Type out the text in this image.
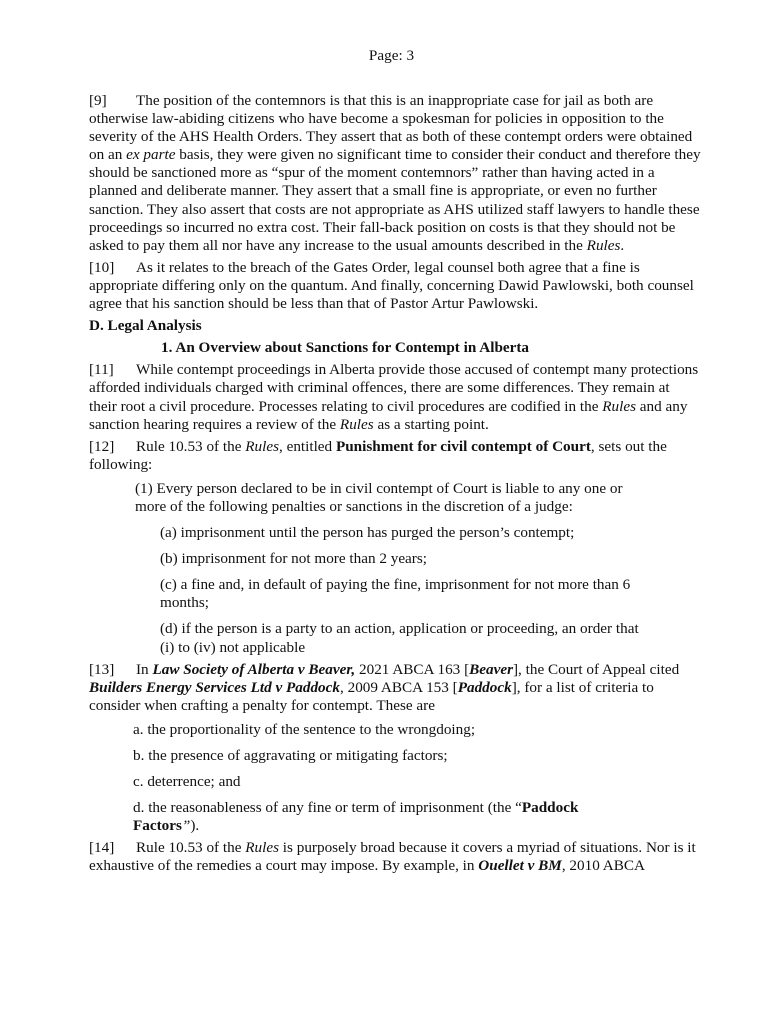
Page: 3

[9] The position of the contemnors is that this is an inappropriate case for jail as both are otherwise law-abiding citizens who have become a spokesman for policies in opposition to the severity of the AHS Health Orders. They assert that as both of these contempt orders were obtained on an ex parte basis, they were given no significant time to consider their conduct and therefore they should be sanctioned more as “spur of the moment contemnors” rather than having acted in a planned and deliberate manner. They assert that a small fine is appropriate, or even no further sanction. They also assert that costs are not appropriate as AHS utilized staff lawyers to handle these proceedings so incurred no extra cost. Their fall-back position on costs is that they should not be asked to pay them all nor have any increase to the usual amounts described in the Rules.

[10] As it relates to the breach of the Gates Order, legal counsel both agree that a fine is appropriate differing only on the quantum. And finally, concerning Dawid Pawlowski, both counsel agree that his sanction should be less than that of Pastor Artur Pawlowski.

D. Legal Analysis

1. An Overview about Sanctions for Contempt in Alberta

[11] While contempt proceedings in Alberta provide those accused of contempt many protections afforded individuals charged with criminal offences, there are some differences. They remain at their root a civil procedure. Processes relating to civil procedures are codified in the Rules and any sanction hearing requires a review of the Rules as a starting point.

[12] Rule 10.53 of the Rules, entitled Punishment for civil contempt of Court, sets out the following:

(1) Every person declared to be in civil contempt of Court is liable to any one or more of the following penalties or sanctions in the discretion of a judge:

(a) imprisonment until the person has purged the person’s contempt;

(b) imprisonment for not more than 2 years;

(c) a fine and, in default of paying the fine, imprisonment for not more than 6 months;

(d) if the person is a party to an action, application or proceeding, an order that (i) to (iv) not applicable

[13] In Law Society of Alberta v Beaver, 2021 ABCA 163 [Beaver], the Court of Appeal cited Builders Energy Services Ltd v Paddock, 2009 ABCA 153 [Paddock], for a list of criteria to consider when crafting a penalty for contempt. These are

a. the proportionality of the sentence to the wrongdoing;

b. the presence of aggravating or mitigating factors;

c. deterrence; and

d. the reasonableness of any fine or term of imprisonment (the “Paddock Factors”).

[14] Rule 10.53 of the Rules is purposely broad because it covers a myriad of situations. Nor is it exhaustive of the remedies a court may impose. By example, in Ouellet v BM, 2010 ABCA
